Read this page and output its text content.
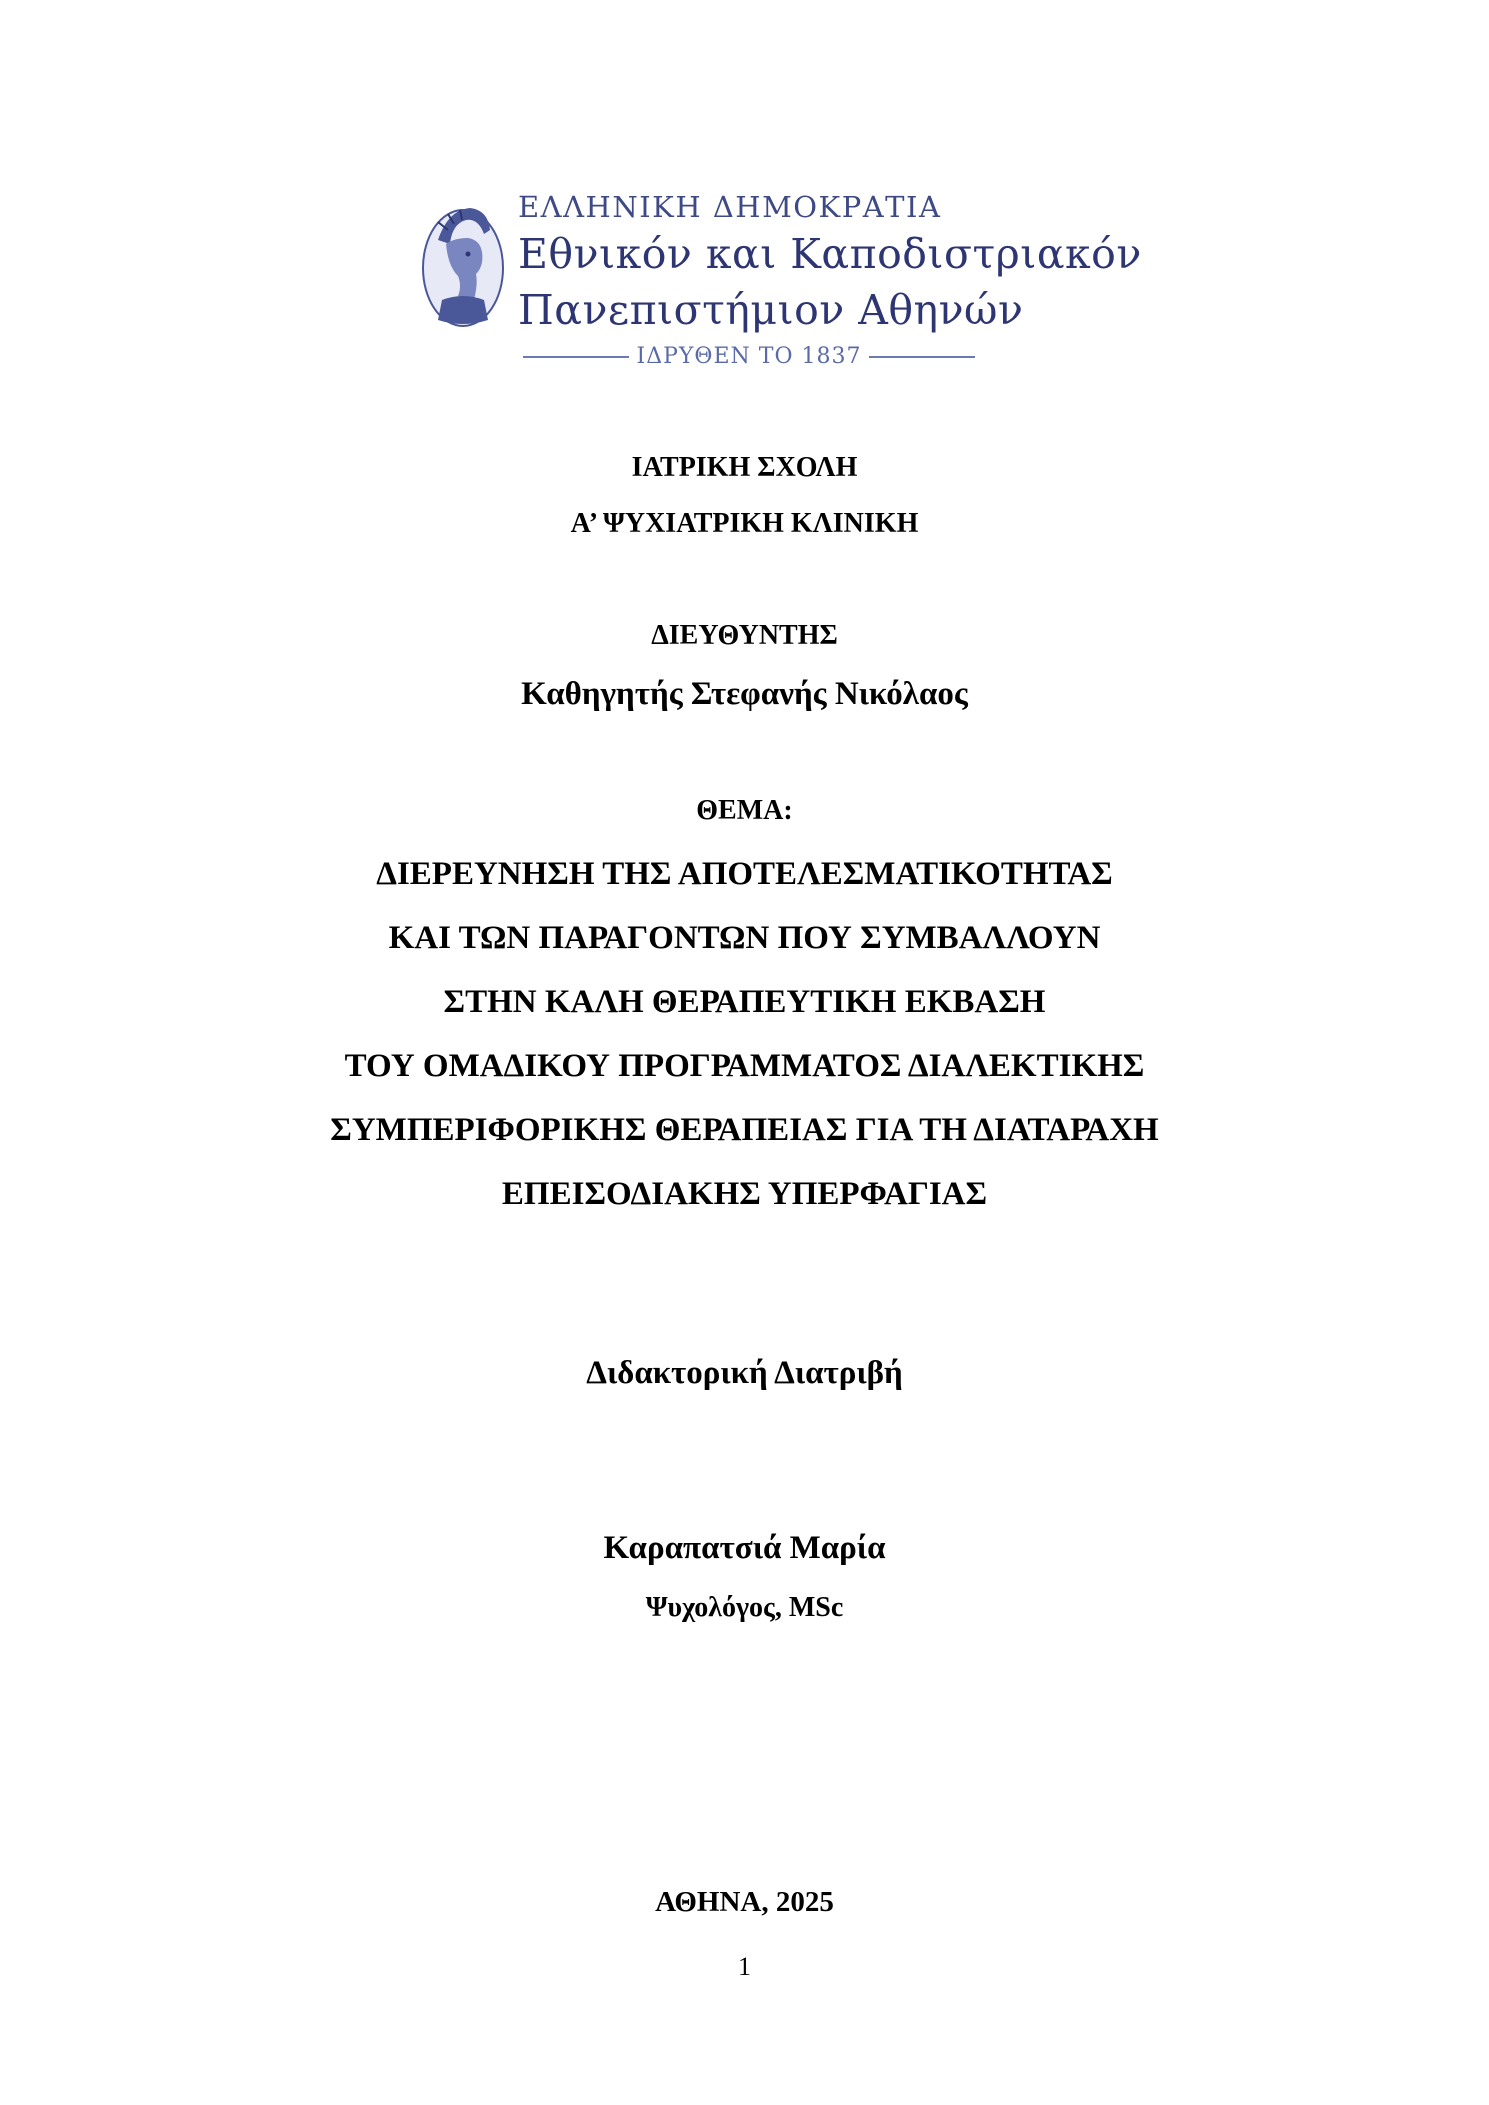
ΕΛΛΗΝΙΚΗ ΔΗΜΟΚΡΑΤΙΑ
Εθνικόν και Καποδιστριακόν
Πανεπιστήμιον Αθηνών
ΙΔΡΥΘΕΝ ΤΟ 1837
ΙΑΤΡΙΚΗ ΣΧΟΛΗ
Α’ ΨΥΧΙΑΤΡΙΚΗ ΚΛΙΝΙΚΗ
ΔΙΕΥΘΥΝΤΗΣ
Καθηγητής Στεφανής Νικόλαος
ΘΕΜΑ:
ΔΙΕΡΕΥΝΗΣΗ ΤΗΣ ΑΠΟΤΕΛΕΣΜΑΤΙΚΟΤΗΤΑΣ
ΚΑΙ ΤΩΝ ΠΑΡΑΓΟΝΤΩΝ ΠΟΥ ΣΥΜΒΑΛΛΟΥΝ
ΣΤΗΝ ΚΑΛΗ ΘΕΡΑΠΕΥΤΙΚΗ ΕΚΒΑΣΗ
ΤΟΥ ΟΜΑΔΙΚΟΥ ΠΡΟΓΡΑΜΜΑΤΟΣ ΔΙΑΛΕΚΤΙΚΗΣ
ΣΥΜΠΕΡΙΦΟΡΙΚΗΣ ΘΕΡΑΠΕΙΑΣ ΓΙΑ ΤΗ ΔΙΑΤΑΡΑΧΗ
ΕΠΕΙΣΟΔΙΑΚΗΣ ΥΠΕΡΦΑΓΙΑΣ
Διδακτορική Διατριβή
Καραπατσιά Μαρία
Ψυχολόγος, MSc
ΑΘΗΝΑ, 2025
1
